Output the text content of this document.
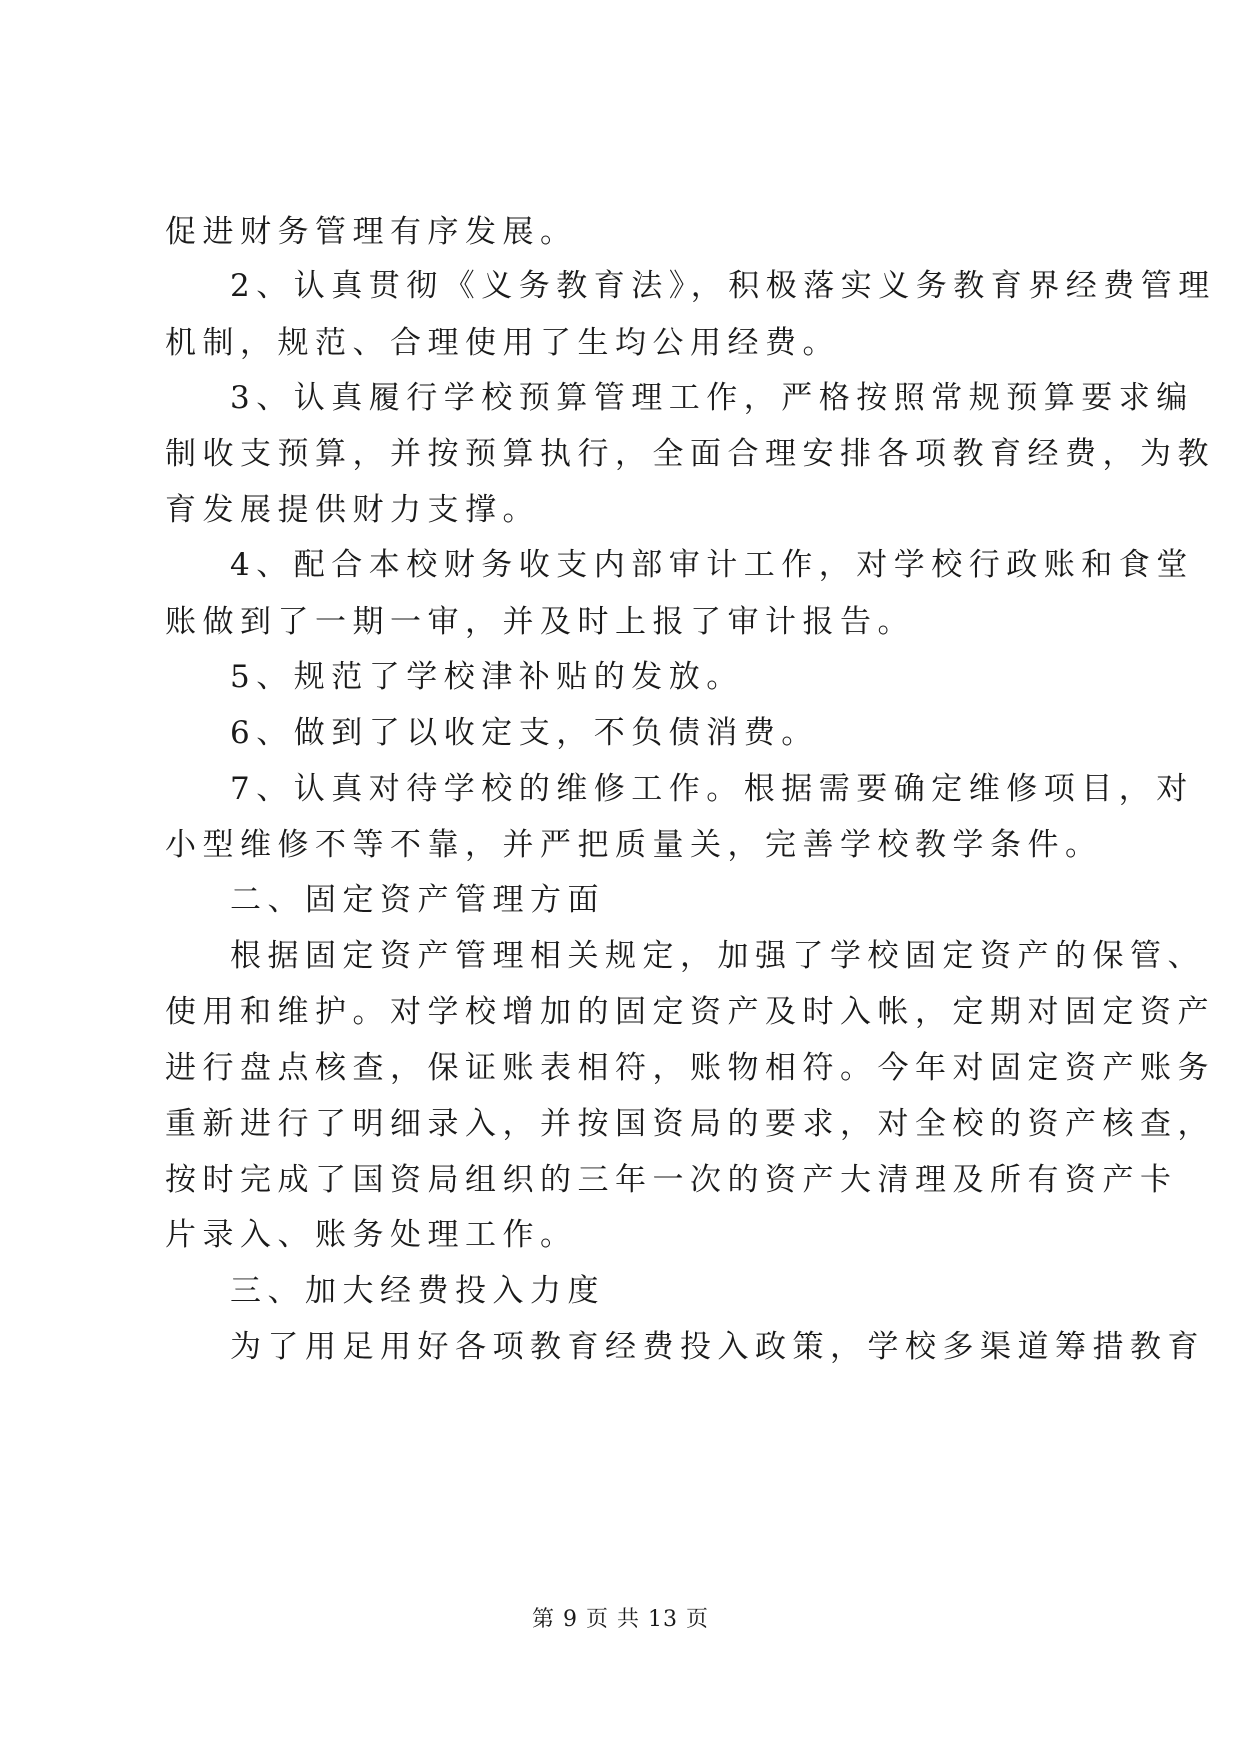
促进财务管理有序发展。
2、认真贯彻《义务教育法》，积极落实义务教育界经费管理
机制，规范、合理使用了生均公用经费。
3、认真履行学校预算管理工作，严格按照常规预算要求编
制收支预算，并按预算执行，全面合理安排各项教育经费，为教
育发展提供财力支撑。
4、配合本校财务收支内部审计工作，对学校行政账和食堂
账做到了一期一审，并及时上报了审计报告。
5、规范了学校津补贴的发放。
6、做到了以收定支，不负债消费。
7、认真对待学校的维修工作。根据需要确定维修项目，对
小型维修不等不靠，并严把质量关，完善学校教学条件。
二、固定资产管理方面
根据固定资产管理相关规定，加强了学校固定资产的保管、
使用和维护。对学校增加的固定资产及时入帐，定期对固定资产
进行盘点核查，保证账表相符，账物相符。今年对固定资产账务
重新进行了明细录入，并按国资局的要求，对全校的资产核查，
按时完成了国资局组织的三年一次的资产大清理及所有资产卡
片录入、账务处理工作。
三、加大经费投入力度
为了用足用好各项教育经费投入政策，学校多渠道筹措教育
第 9 页 共 13 页
